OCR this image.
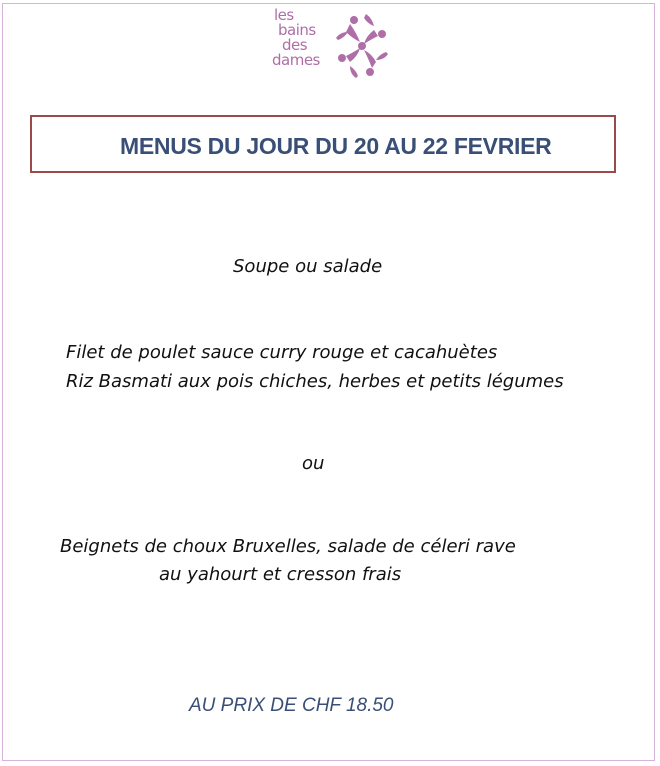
les
bains
des
dames
MENUS DU JOUR DU 20 AU 22 FEVRIER
Soupe ou salade
Filet de poulet sauce curry rouge et cacahuètes
Riz Basmati aux pois chiches, herbes et petits légumes
ou
Beignets de choux Bruxelles, salade de céleri rave
au yahourt et cresson frais
AU PRIX DE CHF 18.50
